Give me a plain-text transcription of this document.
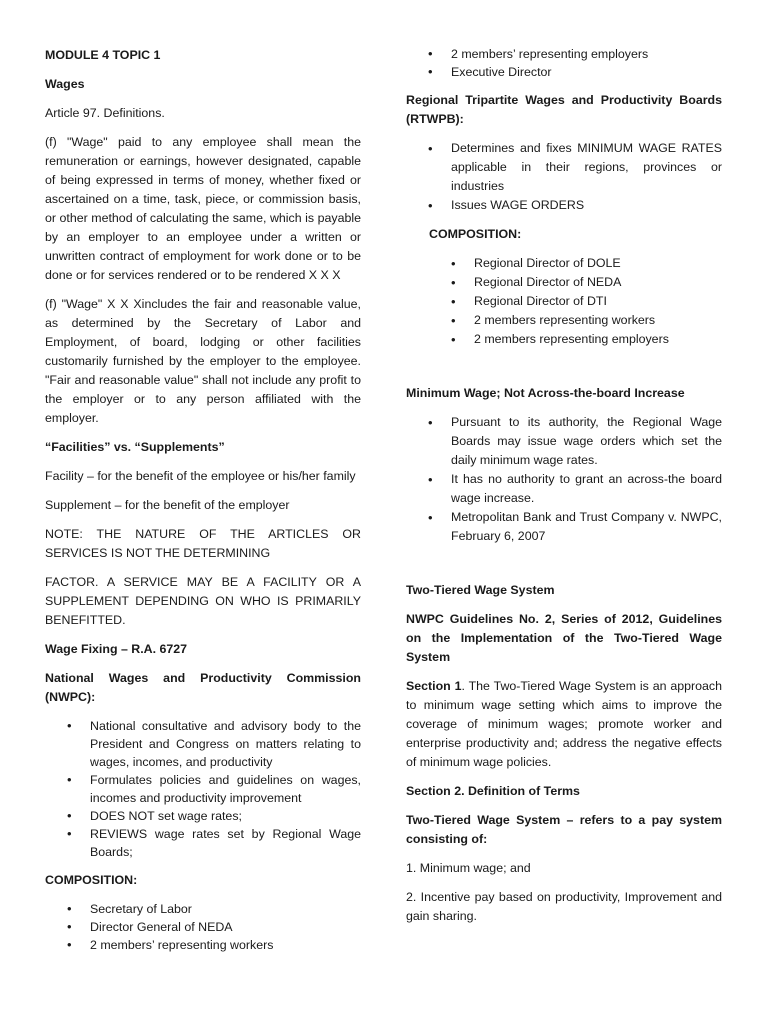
MODULE 4 TOPIC 1

Wages

Article 97. Definitions.

(f) "Wage" paid to any employee shall mean the remuneration or earnings, however designated, capable of being expressed in terms of money, whether fixed or ascertained on a time, task, piece, or commission basis, or other method of calculating the same, which is payable by an employer to an employee under a written or unwritten contract of employment for work done or to be done or for services rendered or to be rendered X X X

(f) "Wage" X X Xincludes the fair and reasonable value, as determined by the Secretary of Labor and Employment, of board, lodging or other facilities customarily furnished by the employer to the employee. "Fair and reasonable value" shall not include any profit to the employer or to any person affiliated with the employer.

“Facilities” vs. “Supplements”

Facility – for the benefit of the employee or his/her family

Supplement – for the benefit of the employer

NOTE: THE NATURE OF THE ARTICLES OR SERVICES IS NOT THE DETERMINING

FACTOR. A SERVICE MAY BE A FACILITY OR A SUPPLEMENT DEPENDING ON WHO IS PRIMARILY BENEFITTED.

Wage Fixing – R.A. 6727

National Wages and Productivity Commission (NWPC):

• National consultative and advisory body to the President and Congress on matters relating to wages, incomes, and productivity
• Formulates policies and guidelines on wages, incomes and productivity improvement
• DOES NOT set wage rates;
• REVIEWS wage rates set by Regional Wage Boards;

COMPOSITION:

• Secretary of Labor
• Director General of NEDA
• 2 members’ representing workers
• 2 members’ representing employers
• Executive Director

Regional Tripartite Wages and Productivity Boards (RTWPB):

• Determines and fixes MINIMUM WAGE RATES applicable in their regions, provinces or industries
• Issues WAGE ORDERS

COMPOSITION:

• Regional Director of DOLE
• Regional Director of NEDA
• Regional Director of DTI
• 2 members representing workers
• 2 members representing employers

Minimum Wage; Not Across-the-board Increase

• Pursuant to its authority, the Regional Wage Boards may issue wage orders which set the daily minimum wage rates.
• It has no authority to grant an across-the board wage increase.
• Metropolitan Bank and Trust Company v. NWPC, February 6, 2007

Two-Tiered Wage System

NWPC Guidelines No. 2, Series of 2012, Guidelines on the Implementation of the Two-Tiered Wage System

Section 1. The Two-Tiered Wage System is an approach to minimum wage setting which aims to improve the coverage of minimum wages; promote worker and enterprise productivity and; address the negative effects of minimum wage policies.

Section 2. Definition of Terms

Two-Tiered Wage System – refers to a pay system consisting of:

1. Minimum wage; and

2. Incentive pay based on productivity, Improvement and gain sharing.
